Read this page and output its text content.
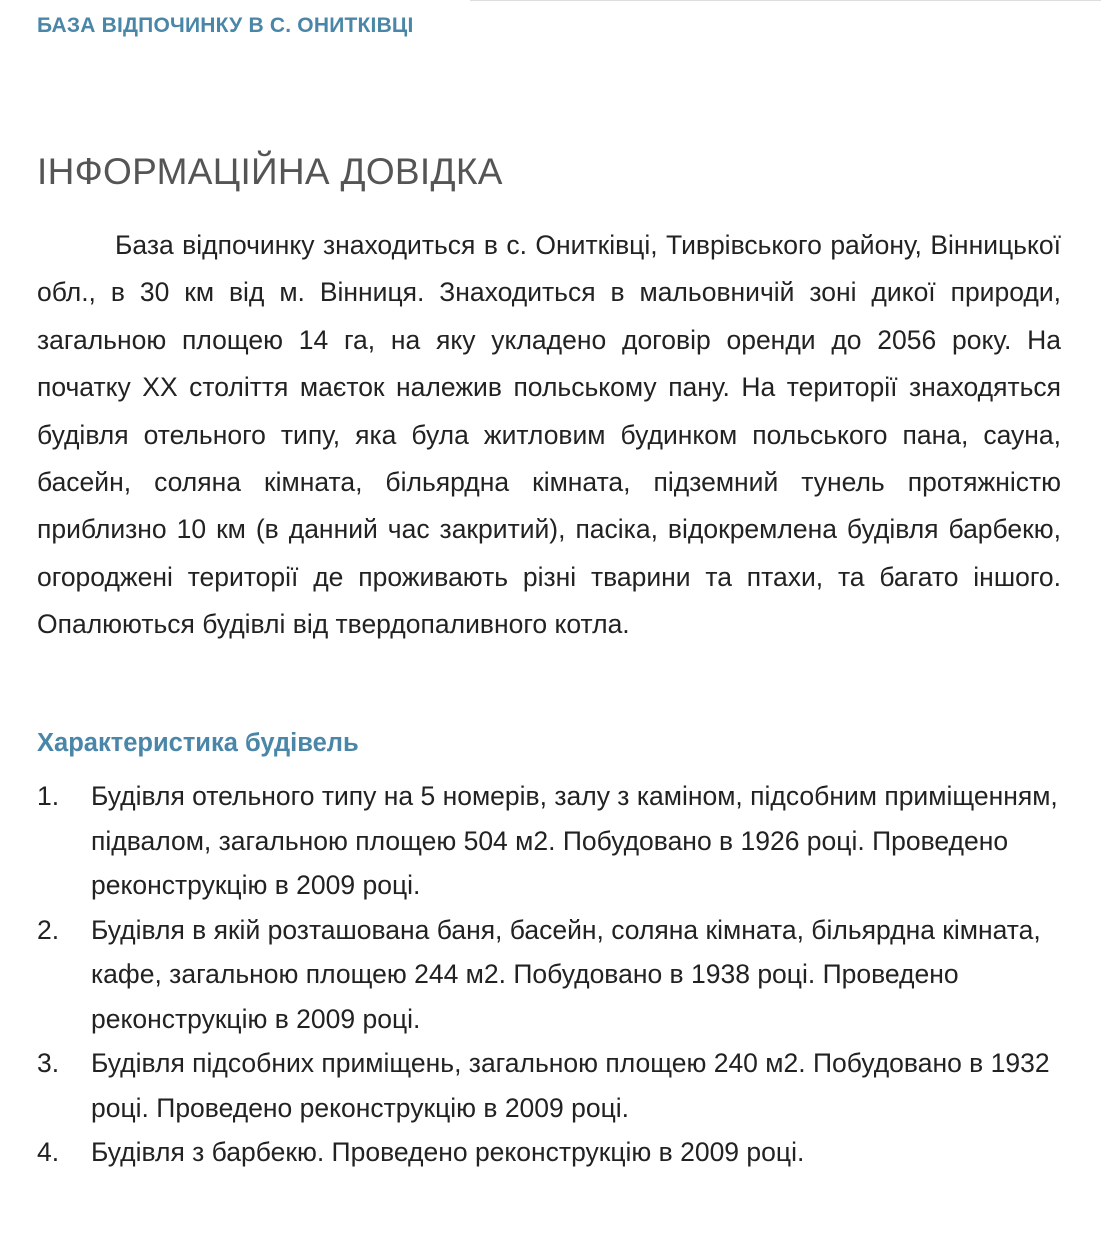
БАЗА ВІДПОЧИНКУ В С. ОНИТКІВЦІ
ІНФОРМАЦІЙНА ДОВІДКА

База відпочинку знаходиться в с. Онитківці, Тиврівського району, Вінницької обл., в 30 км від м. Вінниця. Знаходиться в мальовничій зоні дикої природи, загальною площею 14 га, на яку укладено договір оренди до 2056 року. На початку ХХ століття маєток належив польському пану. На території знаходяться будівля отельного типу, яка була житловим будинком польського пана, сауна, басейн, соляна кімната, більярдна кімната, підземний тунель протяжністю приблизно 10 км (в данний час закритий), пасіка, відокремлена будівля барбекю, огороджені території де проживають різні тварини та птахи, та багато іншого. Опалюються будівлі від твердопаливного котла.

Характеристика будівель
1. Будівля отельного типу на 5 номерів, залу з каміном, підсобним приміщенням, підвалом, загальною площею 504 м2. Побудовано в 1926 році. Проведено реконструкцію в 2009 році.
2. Будівля в якій розташована баня, басейн, соляна кімната, більярдна кімната, кафе, загальною площею 244 м2. Побудовано в 1938 році. Проведено реконструкцію в 2009 році.
3. Будівля підсобних приміщень, загальною площею 240 м2. Побудовано в 1932 році. Проведено реконструкцію в 2009 році.
4. Будівля з барбекю. Проведено реконструкцію в 2009 році.
